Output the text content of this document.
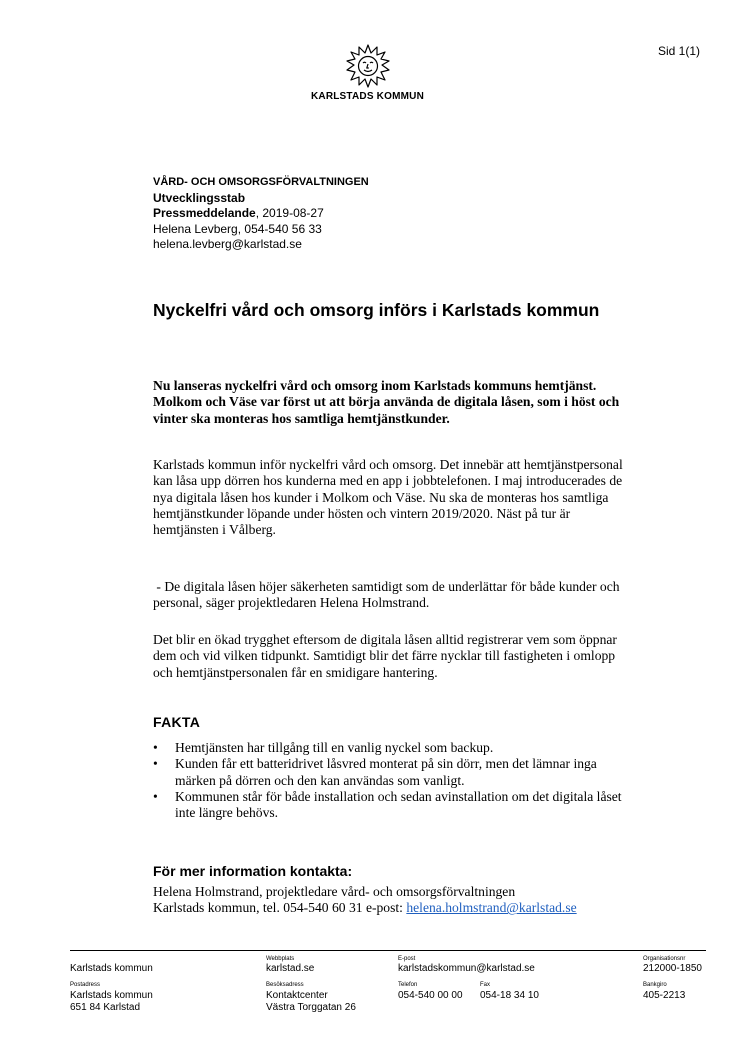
Sid 1(1)
KARLSTADS KOMMUN
VÅRD- OCH OMSORGSFÖRVALTNINGEN
Utvecklingsstab
Pressmeddelande, 2019-08-27
Helena Levberg, 054-540 56 33
helena.levberg@karlstad.se
Nyckelfri vård och omsorg införs i Karlstads kommun

Nu lanseras nyckelfri vård och omsorg inom Karlstads kommuns hemtjänst. Molkom och Väse var först ut att börja använda de digitala låsen, som i höst och vinter ska monteras hos samtliga hemtjänstkunder.

Karlstads kommun inför nyckelfri vård och omsorg. Det innebär att hemtjänstpersonal kan låsa upp dörren hos kunderna med en app i jobbtelefonen. I maj introducerades de nya digitala låsen hos kunder i Molkom och Väse. Nu ska de monteras hos samtliga hemtjänstkunder löpande under hösten och vintern 2019/2020. Näst på tur är hemtjänsten i Vålberg.

- De digitala låsen höjer säkerheten samtidigt som de underlättar för både kunder och personal, säger projektledaren Helena Holmstrand.

Det blir en ökad trygghet eftersom de digitala låsen alltid registrerar vem som öppnar dem och vid vilken tidpunkt. Samtidigt blir det färre nycklar till fastigheten i omlopp och hemtjänstpersonalen får en smidigare hantering.

FAKTA
• Hemtjänsten har tillgång till en vanlig nyckel som backup.
• Kunden får ett batteridrivet låsvred monterat på sin dörr, men det lämnar inga märken på dörren och den kan användas som vanligt.
• Kommunen står för både installation och sedan avinstallation om det digitala låset inte längre behövs.
För mer information kontakta:
Helena Holmstrand, projektledare vård- och omsorgsförvaltningen
Karlstads kommun, tel. 054-540 60 31 e-post: helena.holmstrand@karlstad.se
Karlstads kommun
Webbplats
karlstad.se
E-post
karlstadskommun@karlstad.se
Organisationsnr
212000-1850
Postadress
Karlstads kommun
651 84 Karlstad
Besöksadress
Kontaktcenter
Västra Torggatan 26
Telefon
054-540 00 00
Fax
054-18 34 10
Bankgiro
405-2213
